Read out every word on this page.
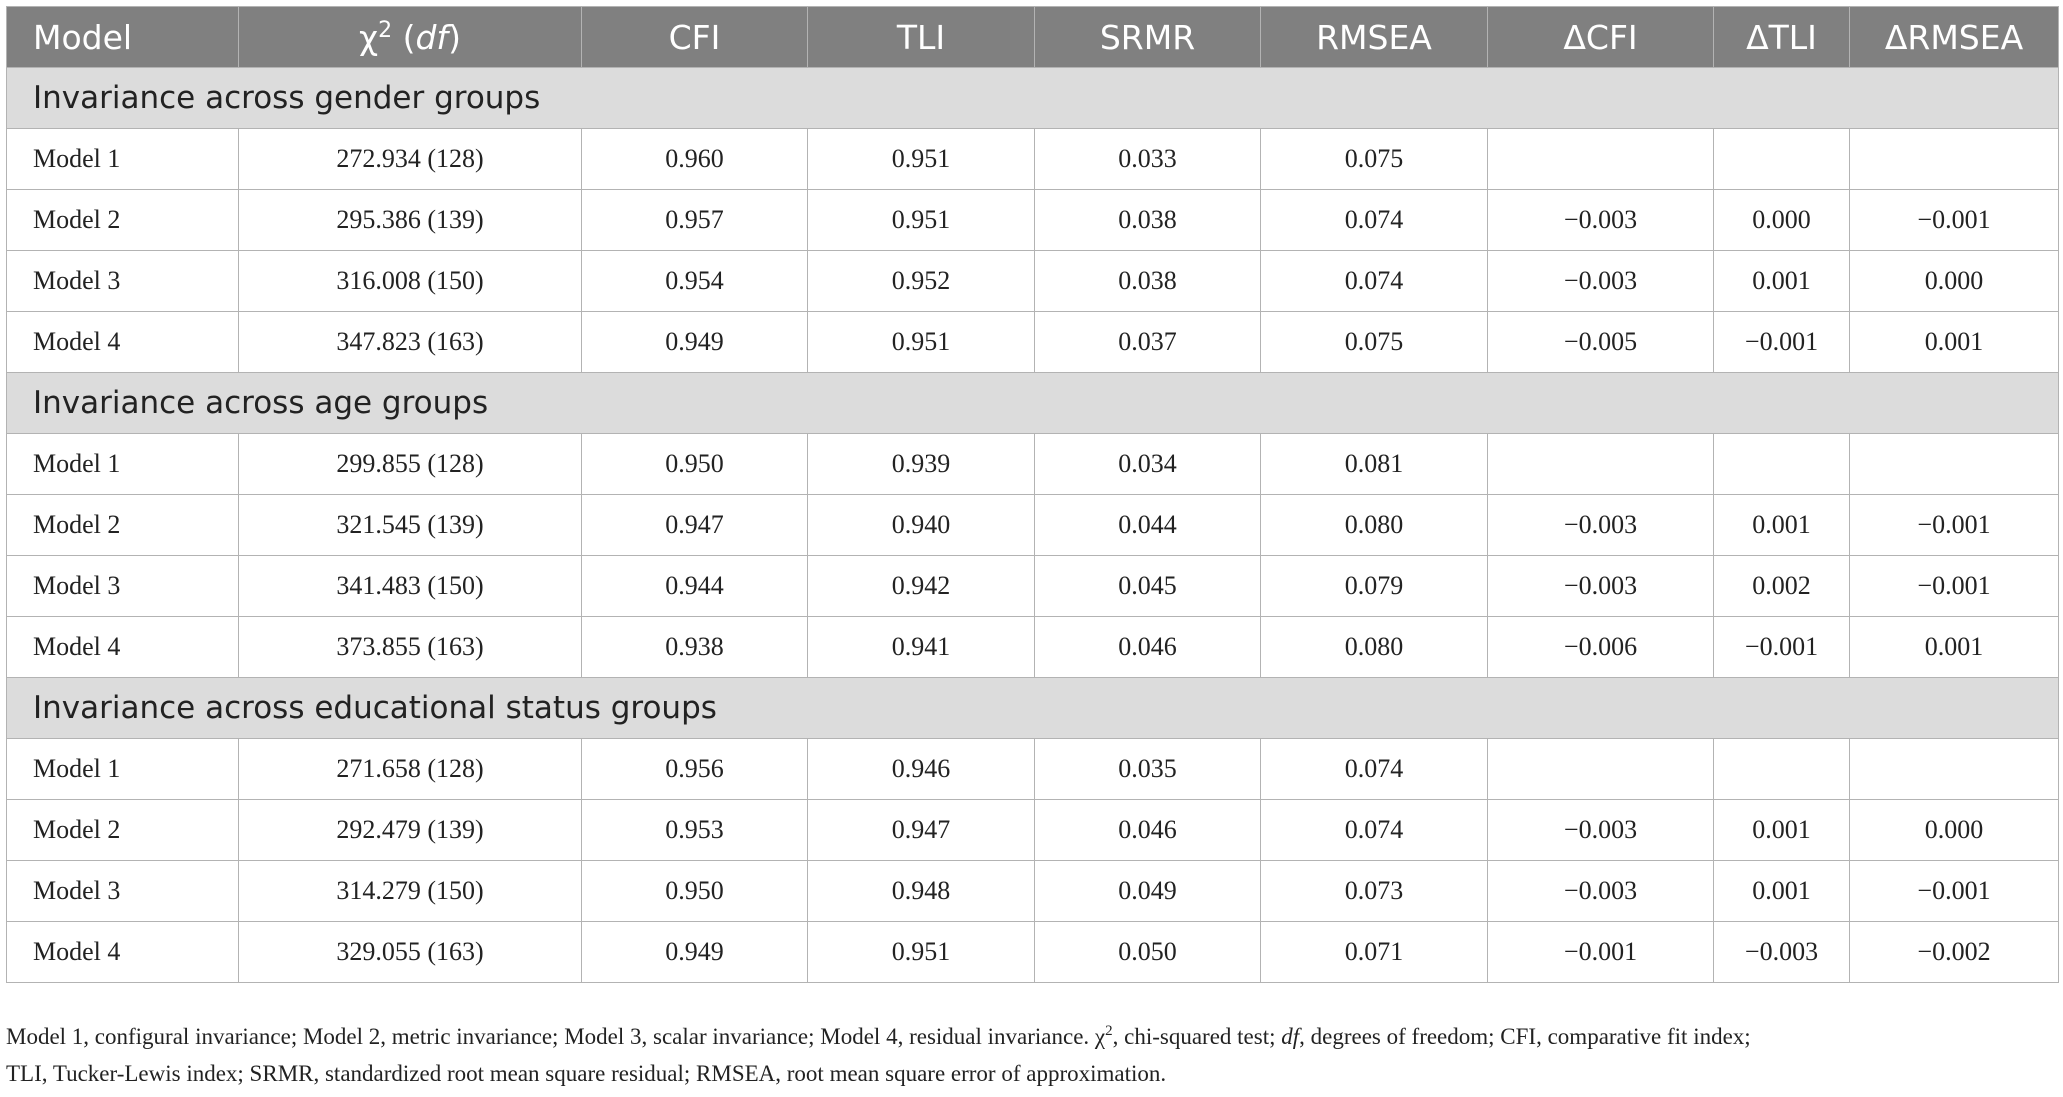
Model	$\chi^2$ (df)	CFI	TLI	SRMR	RMSEA	ΔCFI	ΔTLI	ΔRMSEA
Invariance across gender groups								
Model 1	272.934 (128)	0.960	0.951	0.033	0.075			
Model 2	295.386 (139)	0.957	0.951	0.038	0.074	−0.003	0.000	−0.001
Model 3	316.008 (150)	0.954	0.952	0.038	0.074	−0.003	0.001	0.000
Model 4	347.823 (163)	0.949	0.951	0.037	0.075	−0.005	−0.001	0.001
Invariance across age groups								
Model 1	299.855 (128)	0.950	0.939	0.034	0.081			
Model 2	321.545 (139)	0.947	0.940	0.044	0.080	−0.003	0.001	−0.001
Model 3	341.483 (150)	0.944	0.942	0.045	0.079	−0.003	0.002	−0.001
Model 4	373.855 (163)	0.938	0.941	0.046	0.080	−0.006	−0.001	0.001
Invariance across educational status groups								
Model 1	271.658 (128)	0.956	0.946	0.035	0.074			
Model 2	292.479 (139)	0.953	0.947	0.046	0.074	−0.003	0.001	0.000
Model 3	314.279 (150)	0.950	0.948	0.049	0.073	−0.003	0.001	−0.001
Model 4	329.055 (163)	0.949	0.951	0.050	0.071	−0.001	−0.003	−0.002
Model 1, configural invariance; Model 2, metric invariance; Model 3, scalar invariance; Model 4, residual invariance. $\chi^2$, chi-squared test; df, degrees of freedom; CFI, comparative fit index;
TLI, Tucker-Lewis index; SRMR, standardized root mean square residual; RMSEA, root mean square error of approximation.
